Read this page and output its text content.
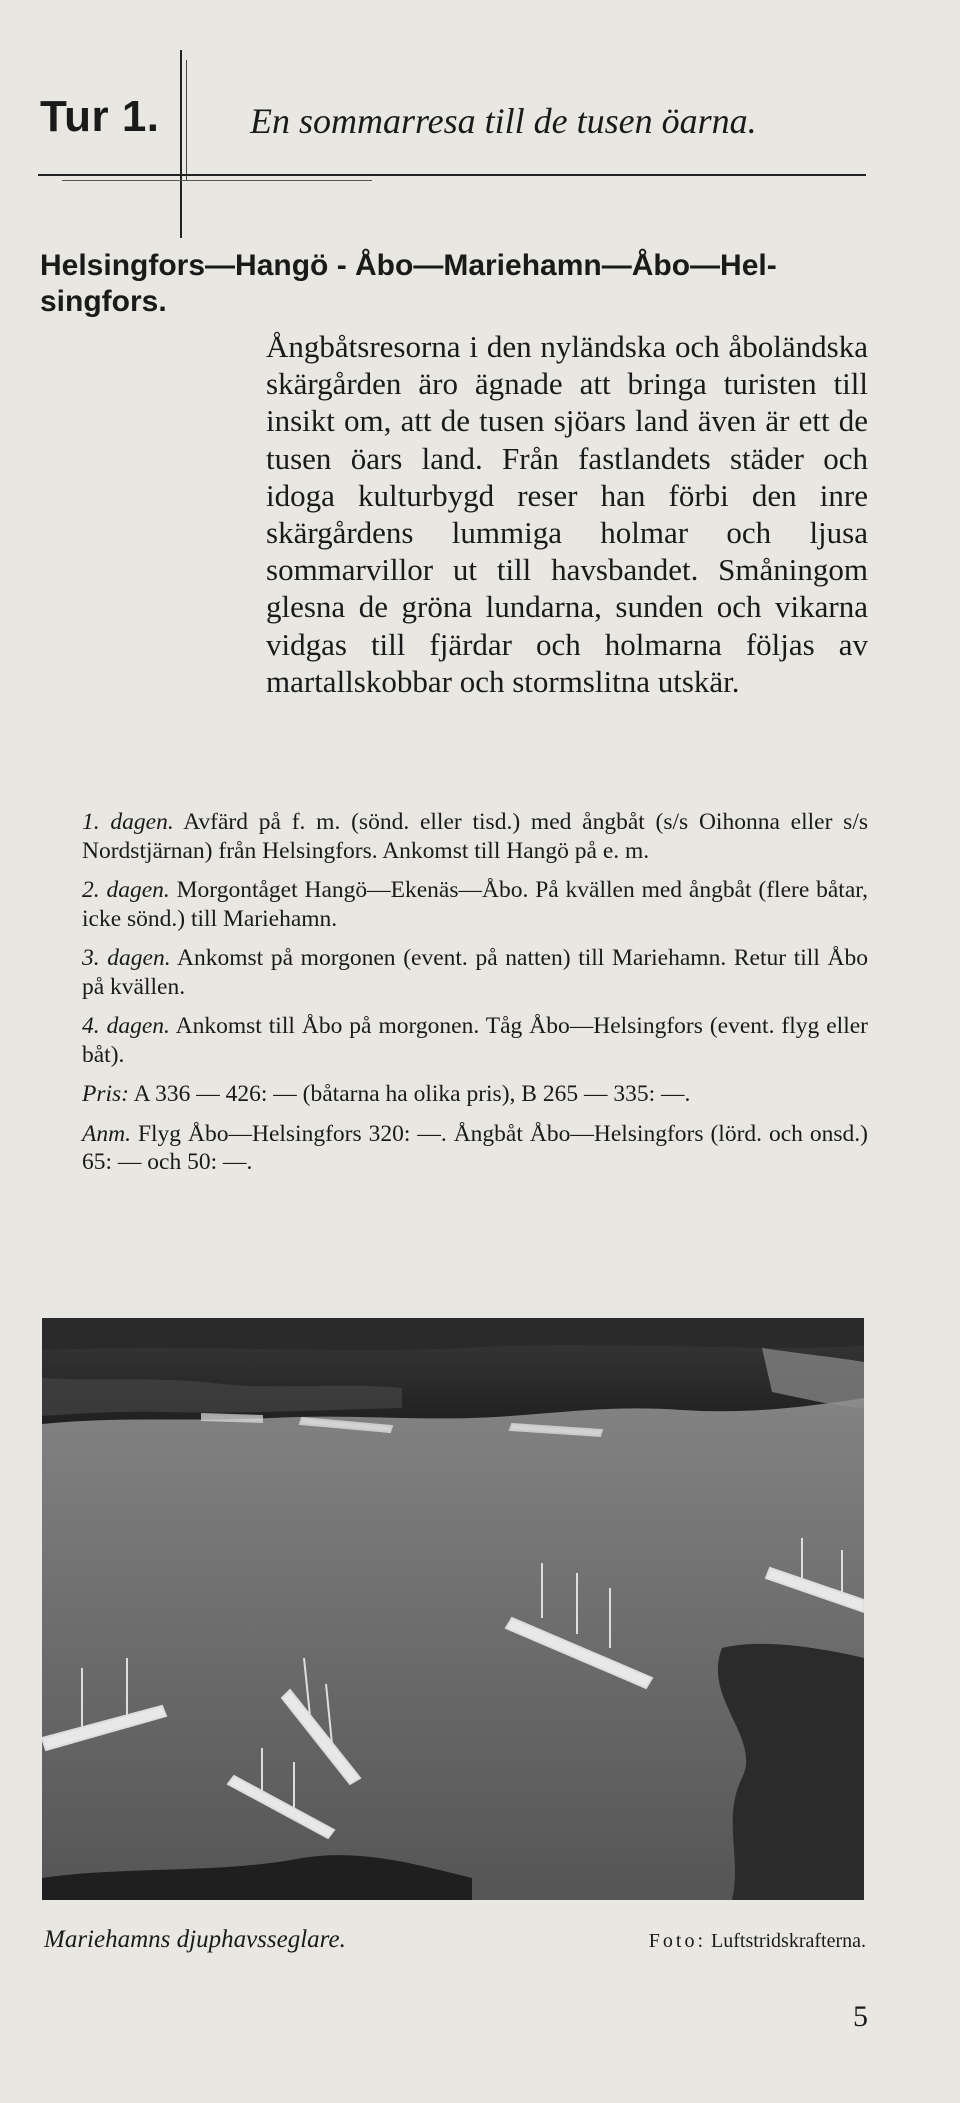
Tur 1.	En sommarresa till de tusen öarna.
Helsingfors—Hangö - Åbo—Mariehamn—Åbo—Helsingfors.
Ångbåtsresorna i den nyländska och åboländska skärgården äro ägnade att bringa turisten till insikt om, att de tusen sjöars land även är ett de tusen öars land. Från fastlandets städer och idoga kulturbygd reser han förbi den inre skärgårdens lummiga holmar och ljusa sommarvillor ut till havsbandet. Småningom glesna de gröna lundarna, sunden och vikarna vidgas till fjärdar och holmarna följas av martallskobbar och stormslitna utskär.

1. dagen. Avfärd på f. m. (sönd. eller tisd.) med ångbåt (s/s Oihonna eller s/s Nordstjärnan) från Helsingfors. Ankomst till Hangö på e. m.

2. dagen. Morgontåget Hangö—Ekenäs—Åbo. På kvällen med ångbåt (flere båtar, icke sönd.) till Mariehamn.

3. dagen. Ankomst på morgonen (event. på natten) till Mariehamn. Retur till Åbo på kvällen.

4. dagen. Ankomst till Åbo på morgonen. Tåg Åbo—Helsingfors (event. flyg eller båt).

Pris: A 336 — 426: — (båtarna ha olika pris), B 265 — 335: —.

Anm. Flyg Åbo—Helsingfors 320: —. Ångbåt Åbo—Helsingfors (lörd. och onsd.) 65: — och 50: —.

Mariehamns djuphavsseglare.	Foto: Luftstridskrafterna.
5
